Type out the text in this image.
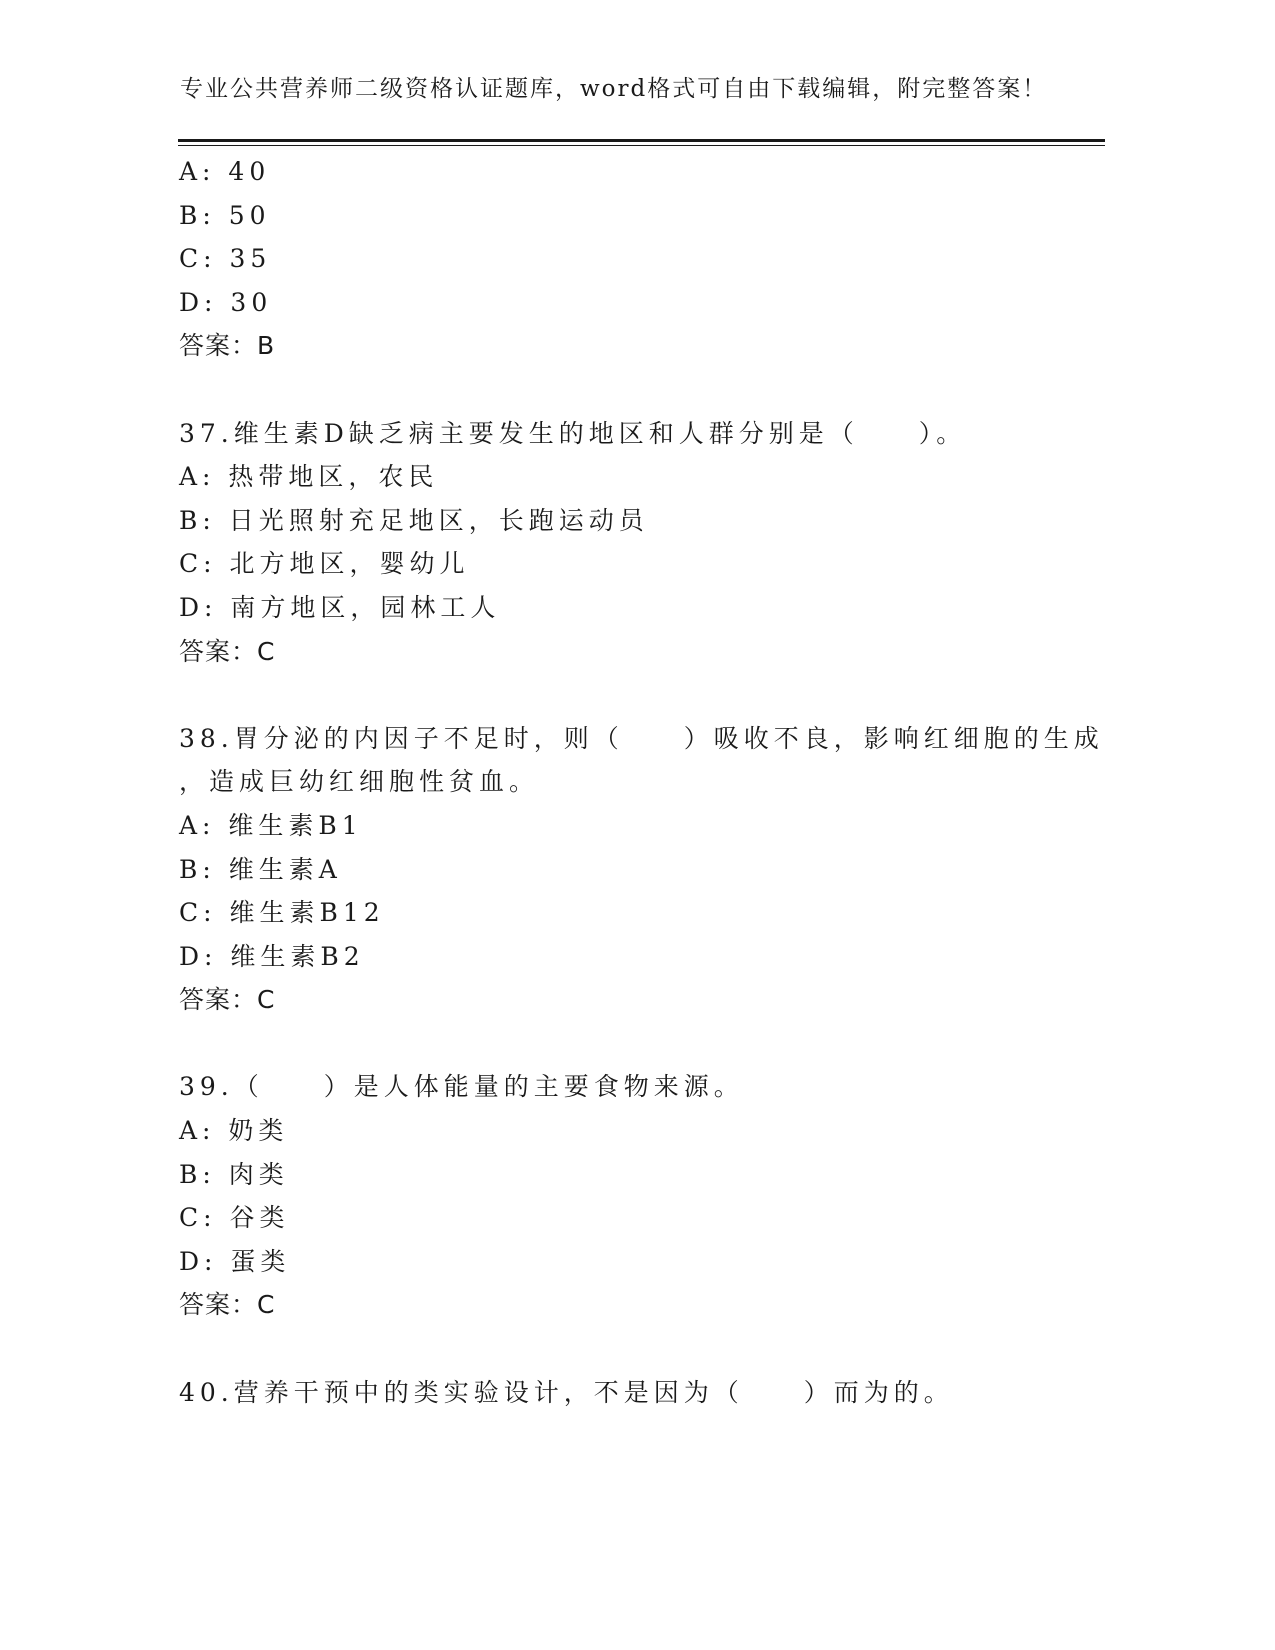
专业公共营养师二级资格认证题库，word格式可自由下载编辑，附完整答案！
A: 40
B: 50
C: 35
D: 30
答案：B
37.维生素D缺乏病主要发生的地区和人群分别是（　　）。
A: 热带地区，农民
B: 日光照射充足地区，长跑运动员
C: 北方地区，婴幼儿
D: 南方地区，园林工人
答案：C
38.胃分泌的内因子不足时，则（　　）吸收不良，影响红细胞的生成
，造成巨幼红细胞性贫血。
A: 维生素B1
B: 维生素A
C: 维生素B12
D: 维生素B2
答案：C
39.（　　）是人体能量的主要食物来源。
A: 奶类
B: 肉类
C: 谷类
D: 蛋类
答案：C
40.营养干预中的类实验设计，不是因为（　　）而为的。
